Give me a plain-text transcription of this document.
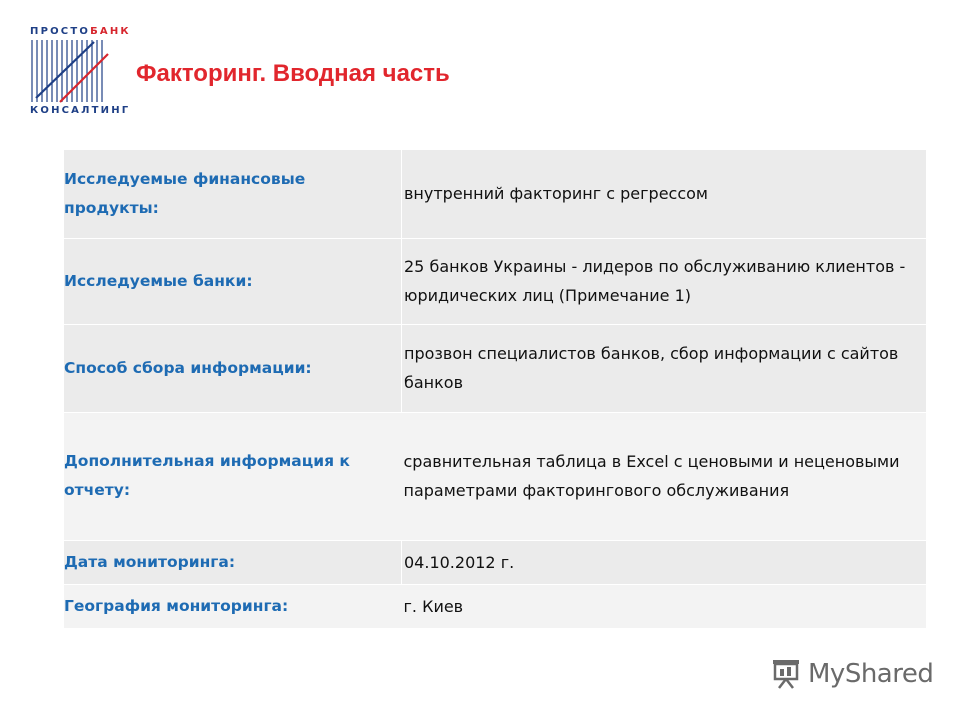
ПРОСТОБАНК
КОНСАЛТИНГ
Факторинг. Вводная часть
Исследуемые финансовые продукты:	внутренний факторинг с регрессом
Исследуемые банки:	25 банков Украины - лидеров по обслуживанию клиентов - юридических лиц (Примечание 1)
Способ сбора информации:	прозвон специалистов банков, сбор информации с сайтов банков
Дополнительная информация к отчету:	сравнительная таблица в Excel с ценовыми и неценовыми параметрами факторингового обслуживания
Дата мониторинга:	04.10.2012 г.
География мониторинга:	г. Киев
MyShared
